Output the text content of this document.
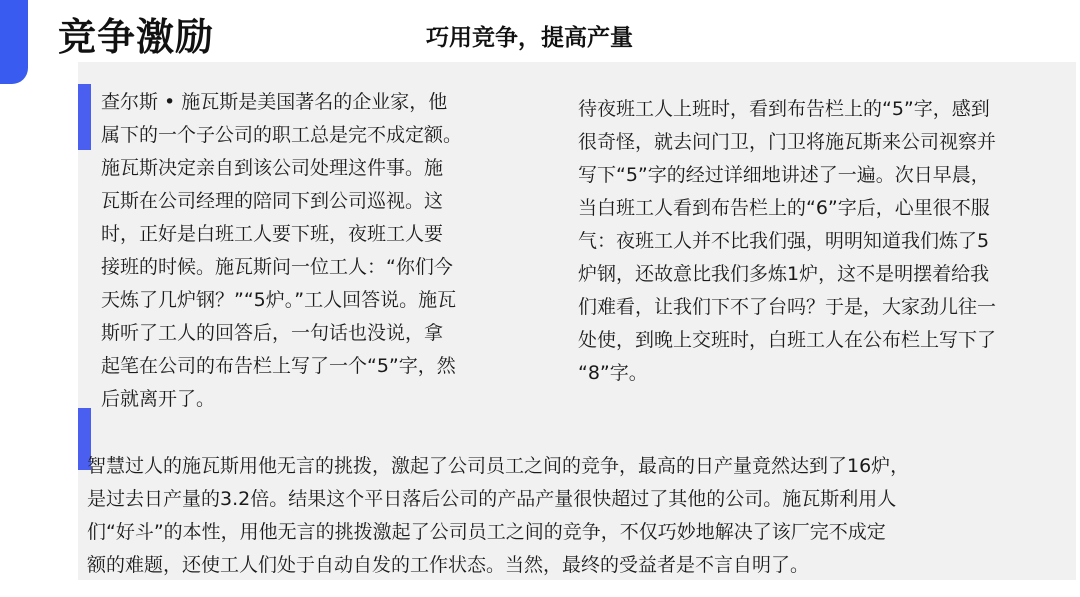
竞争激励	巧用竞争，提高产量
查尔斯 • 施瓦斯是美国著名的企业家，他
属下的一个子公司的职工总是完不成定额。
施瓦斯决定亲自到该公司处理这件事。施
瓦斯在公司经理的陪同下到公司巡视。这
时，正好是白班工人要下班，夜班工人要
接班的时候。施瓦斯问一位工人：“你们今
天炼了几炉钢？”“5炉。”工人回答说。施瓦
斯听了工人的回答后，一句话也没说，拿
起笔在公司的布告栏上写了一个“5”字，然
后就离开了。
待夜班工人上班时，看到布告栏上的“5”字，感到
很奇怪，就去问门卫，门卫将施瓦斯来公司视察并
写下“5”字的经过详细地讲述了一遍。次日早晨，
当白班工人看到布告栏上的“6”字后，心里很不服
气：夜班工人并不比我们强，明明知道我们炼了5
炉钢，还故意比我们多炼1炉，这不是明摆着给我
们难看，让我们下不了台吗？于是，大家劲儿往一
处使，到晚上交班时，白班工人在公布栏上写下了
“8”字。
智慧过人的施瓦斯用他无言的挑拨，激起了公司员工之间的竞争，最高的日产量竟然达到了16炉，
是过去日产量的3.2倍。结果这个平日落后公司的产品产量很快超过了其他的公司。施瓦斯利用人
们“好斗”的本性，用他无言的挑拨激起了公司员工之间的竞争，不仅巧妙地解决了该厂完不成定
额的难题，还使工人们处于自动自发的工作状态。当然，最终的受益者是不言自明了。
